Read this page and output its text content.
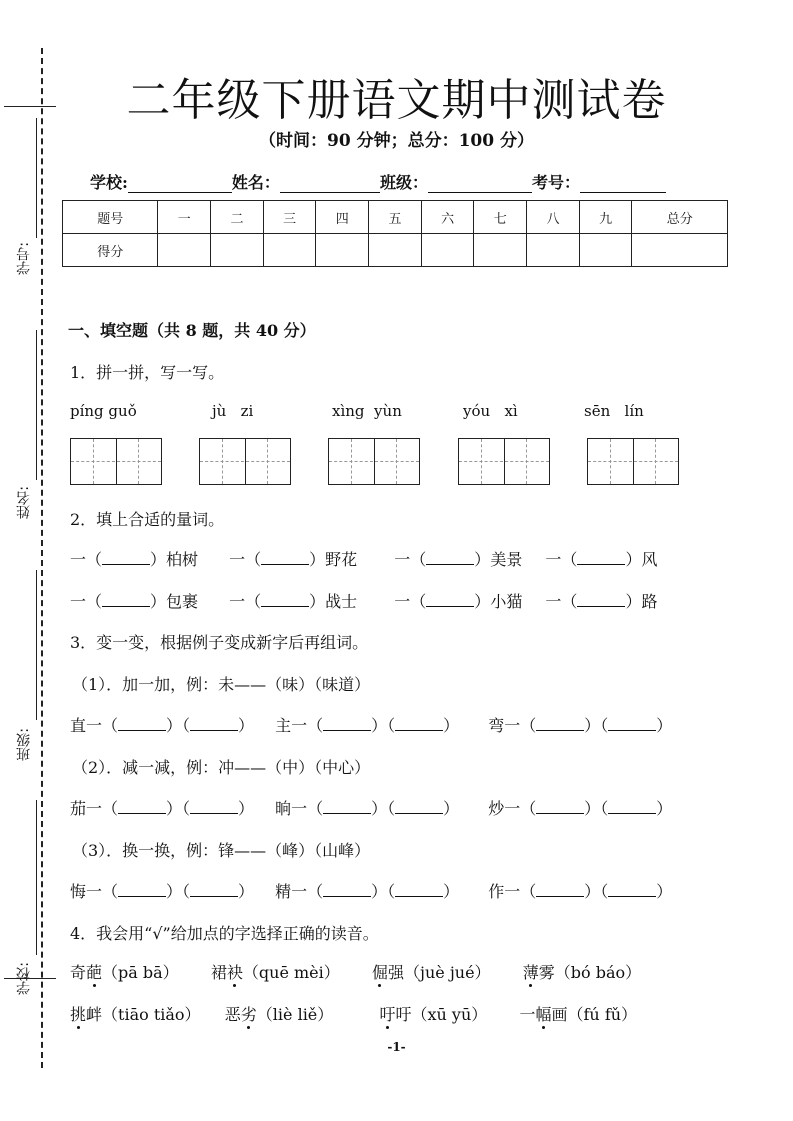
学号:
姓名:
班级:
学校:
二年级下册语文期中测试卷
（时间：90 分钟；总分：100 分）
学校:	姓名：	班级：	考号：
题号	一	二	三	四	五	六	七	八	九	总分
得分										
一、填空题（共 8 题，共 40 分）
1．拼一拼，写一写。
píng guǒ	jù   zi	xìng  yùn	yóu   xì	sēn   lín
2．填上合适的量词。
一（	）柏树 一（	）野花 一（	）美景 一（	）风
一（	）包裹 一（	）战士 一（	）小猫 一（	）路
3．变一变，根据例子变成新字后再组词。
（1）．加一加，例：未——（味）（味道）
直一（	）（	） 主一（	）（	） 弯一（	）（	）
（2）．减一减，例：冲——（中）（中心）
茄一（	）（	） 晌一（	）（	） 炒一（	）（	）
（3）．换一换，例：锋——（峰）（山峰）
悔一（	）（	） 精一（	）（	） 作一（	）（	）
4．我会用“√”给加点的字选择正确的读音。
奇葩（pā bā） 裙袂（quē mèi） 倔强（juè jué） 薄雾（bó báo）
挑衅（tiāo tiǎo） 恶劣（liè liě）	吁吁（xū yū） 一幅画（fú fǔ）
-1-
